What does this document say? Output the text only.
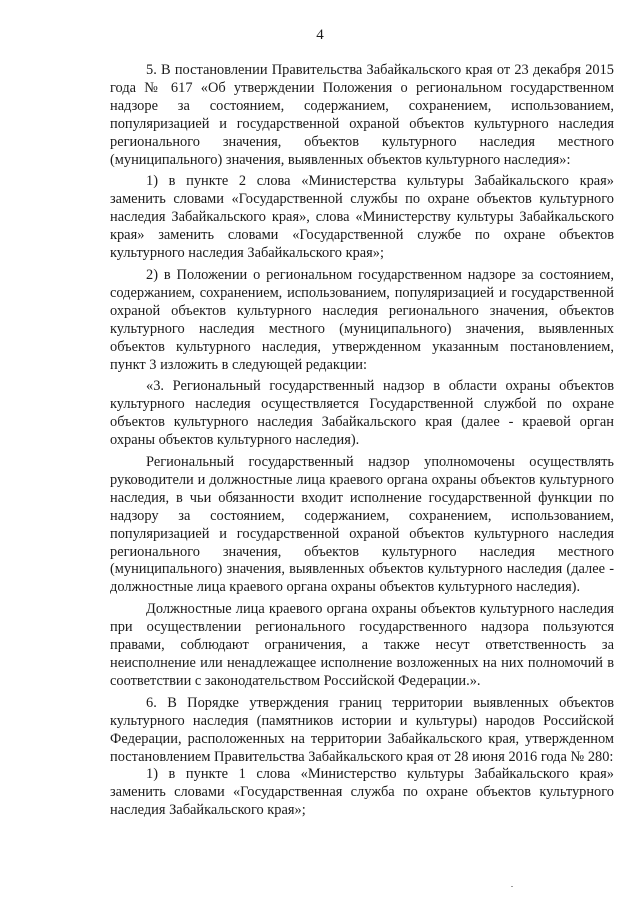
4

5. В постановлении Правительства Забайкальского края от 23 декабря 2015 года № 617 «Об утверждении Положения о региональном государственном надзоре за состоянием, содержанием, сохранением, использованием, популяризацией и государственной охраной объектов культурного наследия регионального значения, объектов культурного наследия местного (муниципального) значения, выявленных объектов культурного наследия»:

1) в пункте 2 слова «Министерства культуры Забайкальского края» заменить словами «Государственной службы по охране объектов культурного наследия Забайкальского края», слова «Министерству культуры Забайкальского края» заменить словами «Государственной службе по охране объектов культурного наследия Забайкальского края»;

2) в Положении о региональном государственном надзоре за состоянием, содержанием, сохранением, использованием, популяризацией и государственной охраной объектов культурного наследия регионального значения, объектов культурного наследия местного (муниципального) значения, выявленных объектов культурного наследия, утвержденном указанным постановлением, пункт 3 изложить в следующей редакции:

«3. Региональный государственный надзор в области охраны объектов культурного наследия осуществляется Государственной службой по охране объектов культурного наследия Забайкальского края (далее - краевой орган охраны объектов культурного наследия).

Региональный государственный надзор уполномочены осуществлять руководители и должностные лица краевого органа охраны объектов культурного наследия, в чьи обязанности входит исполнение государственной функции по надзору за состоянием, содержанием, сохранением, использованием, популяризацией и государственной охраной объектов культурного наследия регионального значения, объектов культурного наследия местного (муниципального) значения, выявленных объектов культурного наследия (далее - должностные лица краевого органа охраны объектов культурного наследия).

Должностные лица краевого органа охраны объектов культурного наследия при осуществлении регионального государственного надзора пользуются правами, соблюдают ограничения, а также несут ответственность за неисполнение или ненадлежащее исполнение возложенных на них полномочий в соответствии с законодательством Российской Федерации.».

6. В Порядке утверждения границ территории выявленных объектов культурного наследия (памятников истории и культуры) народов Российской Федерации, расположенных на территории Забайкальского края, утвержденном постановлением Правительства Забайкальского края от 28 июня 2016 года № 280:

1) в пункте 1 слова «Министерство культуры Забайкальского края» заменить словами «Государственная служба по охране объектов культурного наследия Забайкальского края»;
